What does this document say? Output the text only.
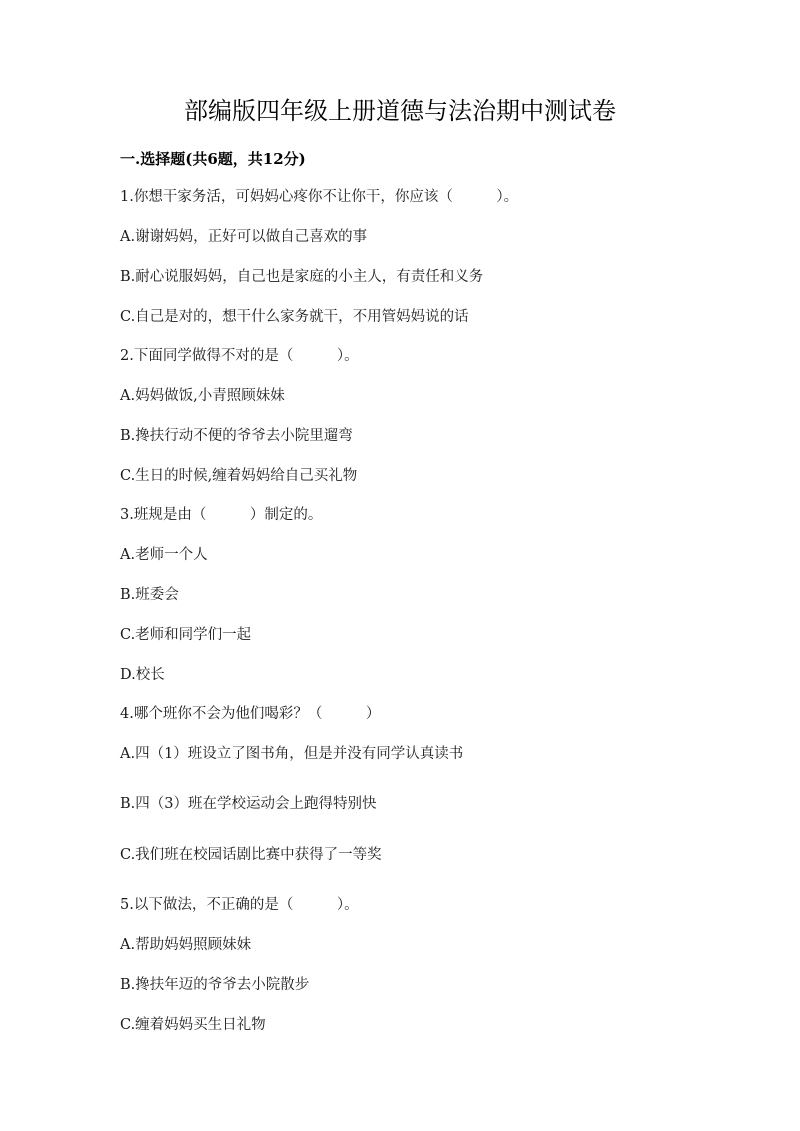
部编版四年级上册道德与法治期中测试卷
一.选择题(共6题，共12分)
1.你想干家务活，可妈妈心疼你不让你干，你应该（　　　）。
A.谢谢妈妈，正好可以做自己喜欢的事
B.耐心说服妈妈，自己也是家庭的小主人，有责任和义务
C.自己是对的，想干什么家务就干，不用管妈妈说的话
2.下面同学做得不对的是（　　　）。
A.妈妈做饭,小青照顾妹妹
B.搀扶行动不便的爷爷去小院里遛弯
C.生日的时候,缠着妈妈给自己买礼物
3.班规是由（　　　）制定的。
A.老师一个人
B.班委会
C.老师和同学们一起
D.校长
4.哪个班你不会为他们喝彩？（　　　）
A.四（1）班设立了图书角，但是并没有同学认真读书
B.四（3）班在学校运动会上跑得特别快
C.我们班在校园话剧比赛中获得了一等奖
5.以下做法，不正确的是（　　　）。
A.帮助妈妈照顾妹妹
B.搀扶年迈的爷爷去小院散步
C.缠着妈妈买生日礼物
